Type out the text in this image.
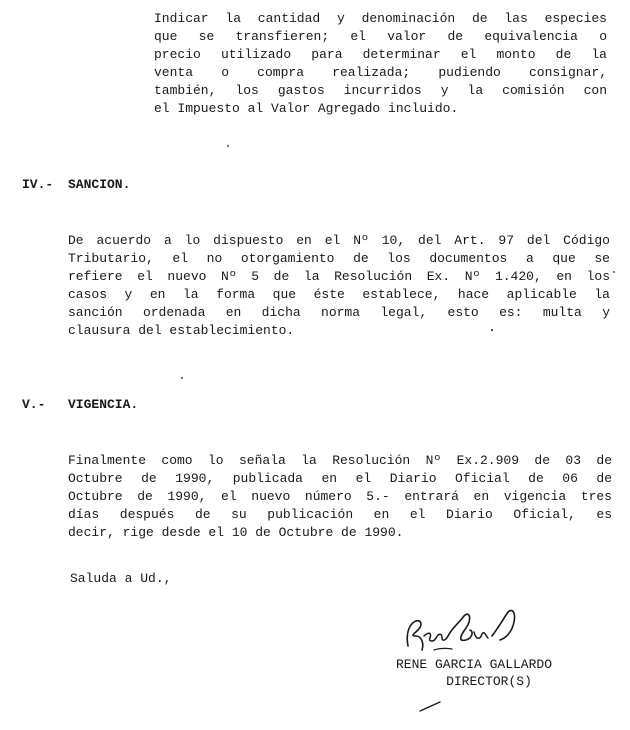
Indicar la cantidad y denominación de las especies
que se transfieren; el valor de equivalencia o
precio utilizado para determinar el monto de la
venta o compra realizada; pudiendo consignar,
también, los gastos incurridos y la comisión con
el Impuesto al Valor Agregado incluido.
IV.- SANCION.
De acuerdo a lo dispuesto en el Nº 10, del Art. 97 del Código
Tributario, el no otorgamiento de los documentos a que se
refiere el nuevo Nº 5 de la Resolución Ex. Nº 1.420, en los
casos y en la forma que éste establece, hace aplicable la
sanción ordenada en dicha norma legal, esto es: multa y
clausura del establecimiento.
V.- VIGENCIA.
Finalmente como lo señala la Resolución Nº Ex.2.909 de 03 de
Octubre de 1990, publicada en el Diario Oficial de 06 de
Octubre de 1990, el nuevo número 5.- entrará en vigencia tres
días después de su publicación en el Diario Oficial, es
decir, rige desde el 10 de Octubre de 1990.
Saluda a Ud.,
RENE GARCIA GALLARDO
DIRECTOR(S)
